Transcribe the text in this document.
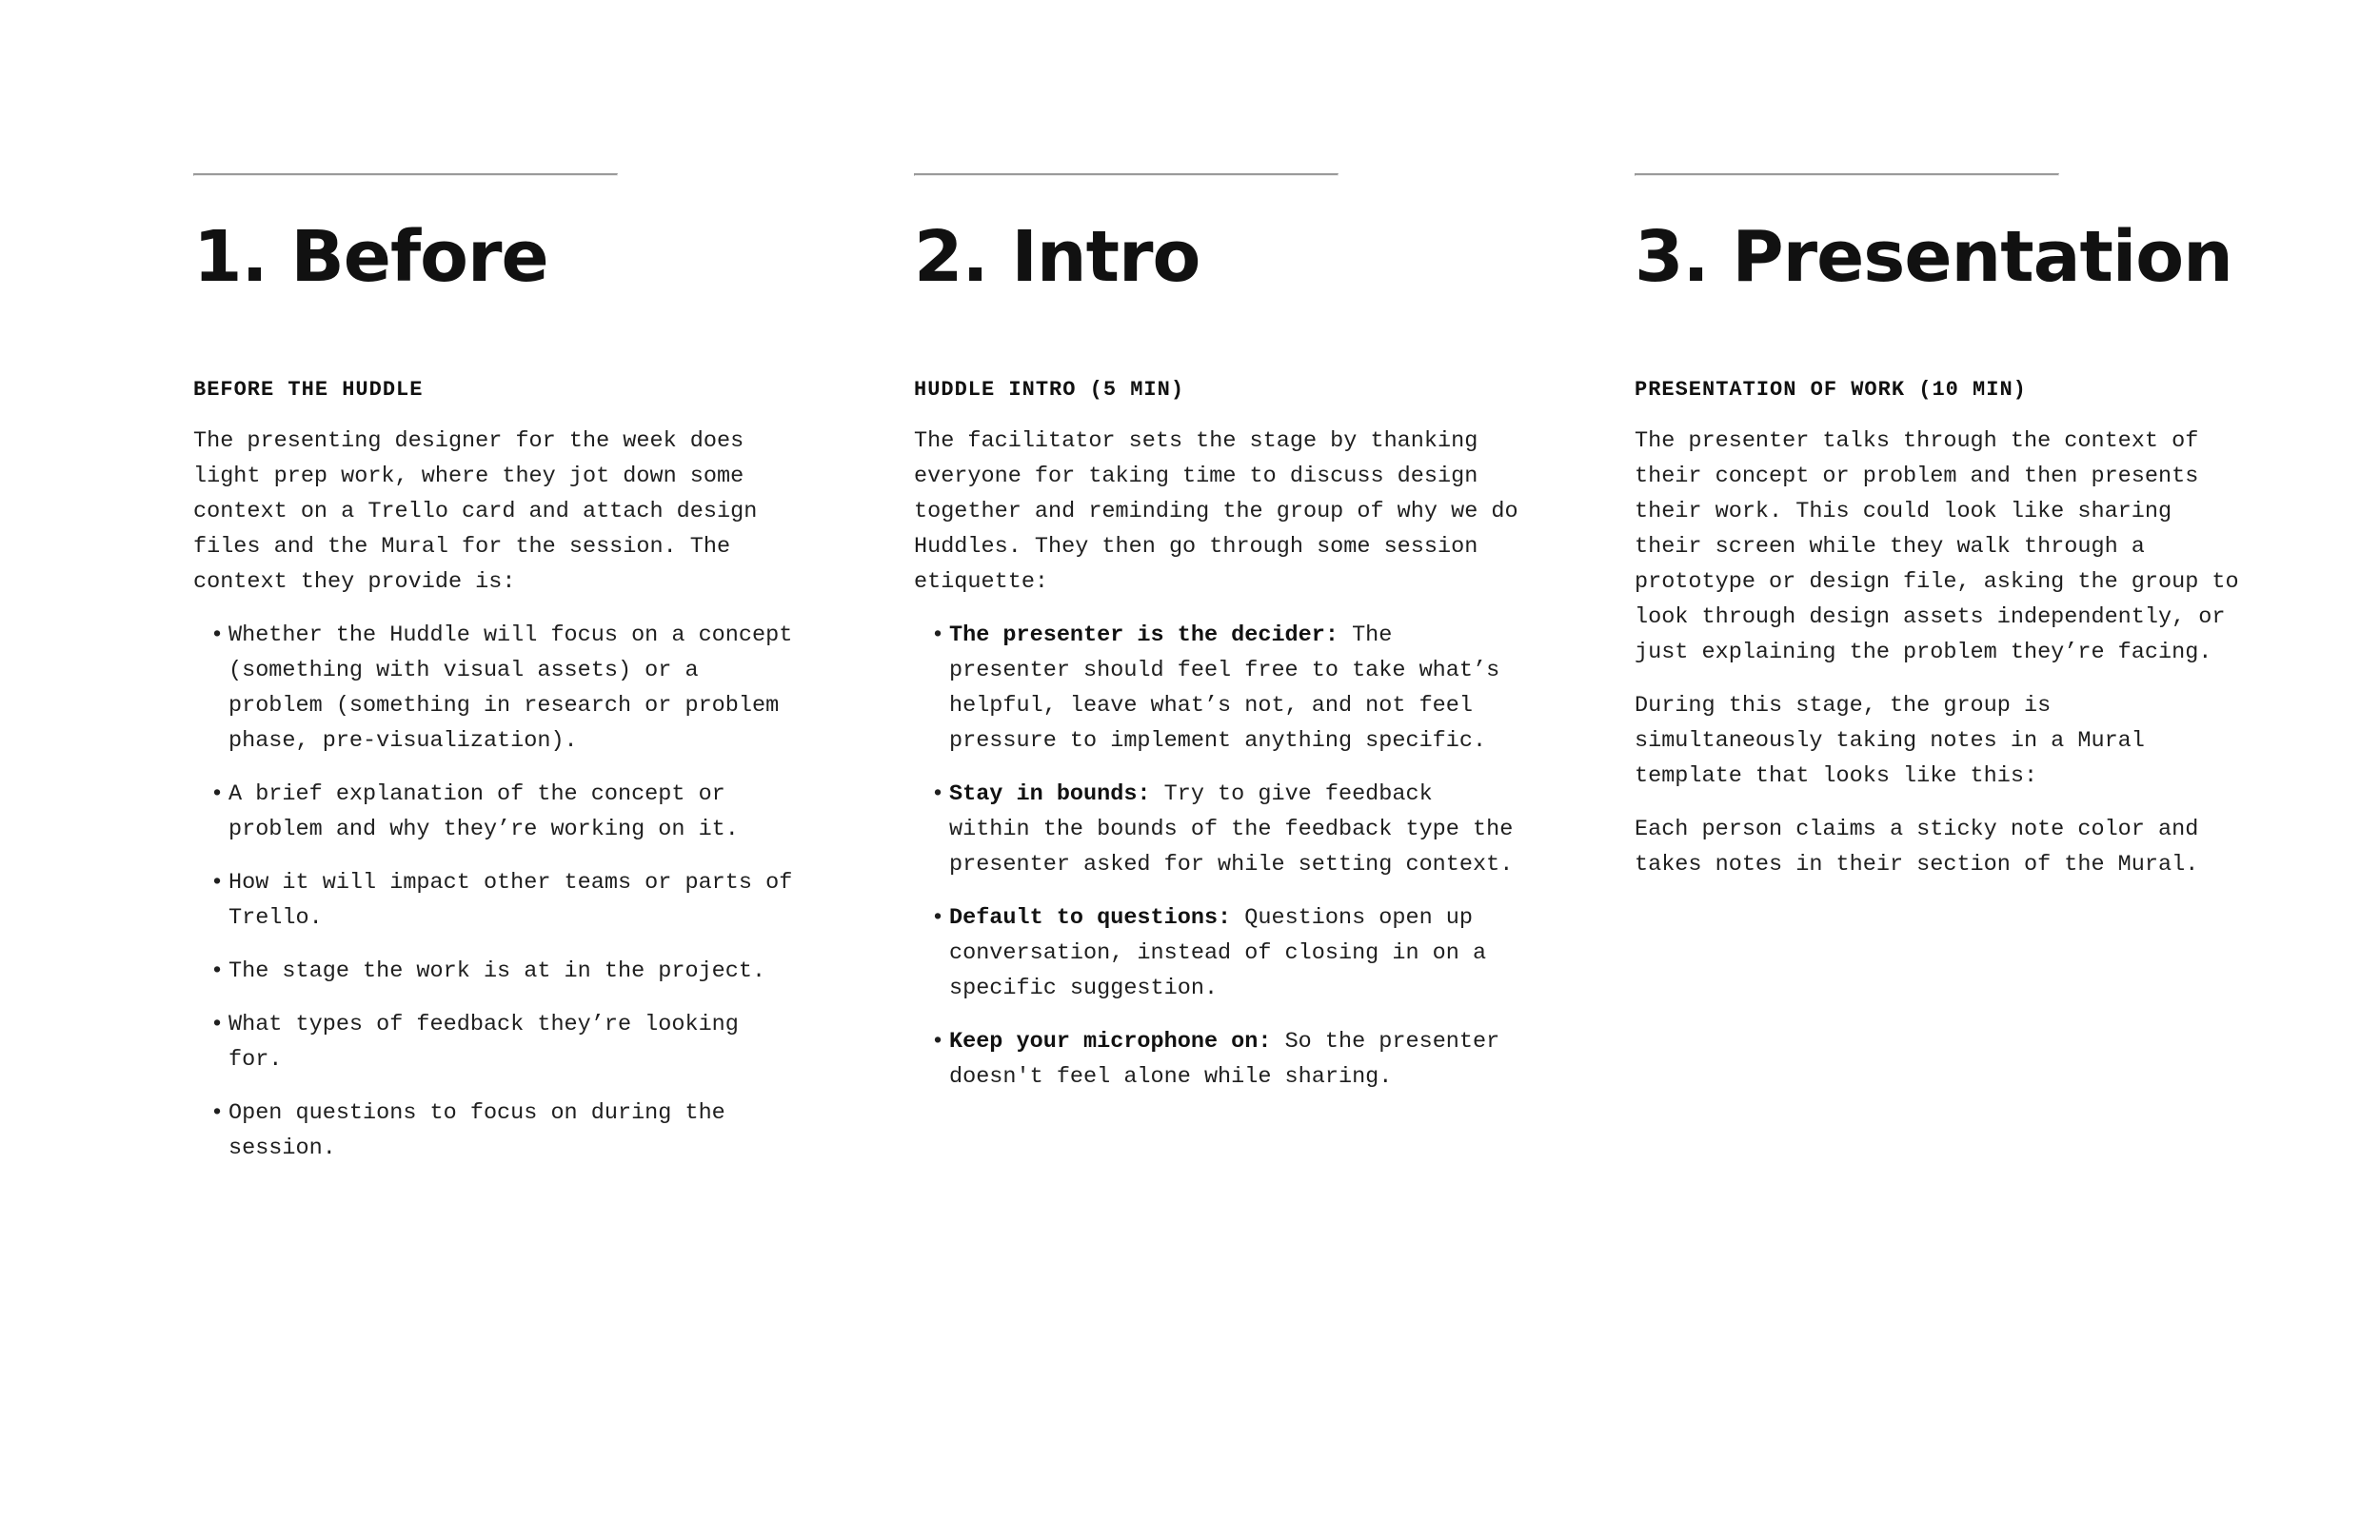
1. Before
BEFORE THE HUDDLE

The presenting designer for the week does light prep work, where they jot down some context on a Trello card and attach design files and the Mural for the session. The context they provide is:

• Whether the Huddle will focus on a concept (something with visual assets) or a problem (something in research or problem phase, pre-visualization).
• A brief explanation of the concept or problem and why they’re working on it.
• How it will impact other teams or parts of Trello.
• The stage the work is at in the project.
• What types of feedback they’re looking for.
• Open questions to focus on during the session.
2. Intro
HUDDLE INTRO (5 MIN)

The facilitator sets the stage by thanking everyone for taking time to discuss design together and reminding the group of why we do Huddles. They then go through some session etiquette:

• The presenter is the decider: The presenter should feel free to take what’s helpful, leave what’s not, and not feel pressure to implement anything specific.
• Stay in bounds: Try to give feedback within the bounds of the feedback type the presenter asked for while setting context.
• Default to questions: Questions open up conversation, instead of closing in on a specific suggestion.
• Keep your microphone on: So the presenter doesn't feel alone while sharing.
3. Presentation
PRESENTATION OF WORK (10 MIN)

The presenter talks through the context of their concept or problem and then presents their work. This could look like sharing their screen while they walk through a prototype or design file, asking the group to look through design assets independently, or just explaining the problem they’re facing.

During this stage, the group is simultaneously taking notes in a Mural template that looks like this:

Each person claims a sticky note color and takes notes in their section of the Mural.
